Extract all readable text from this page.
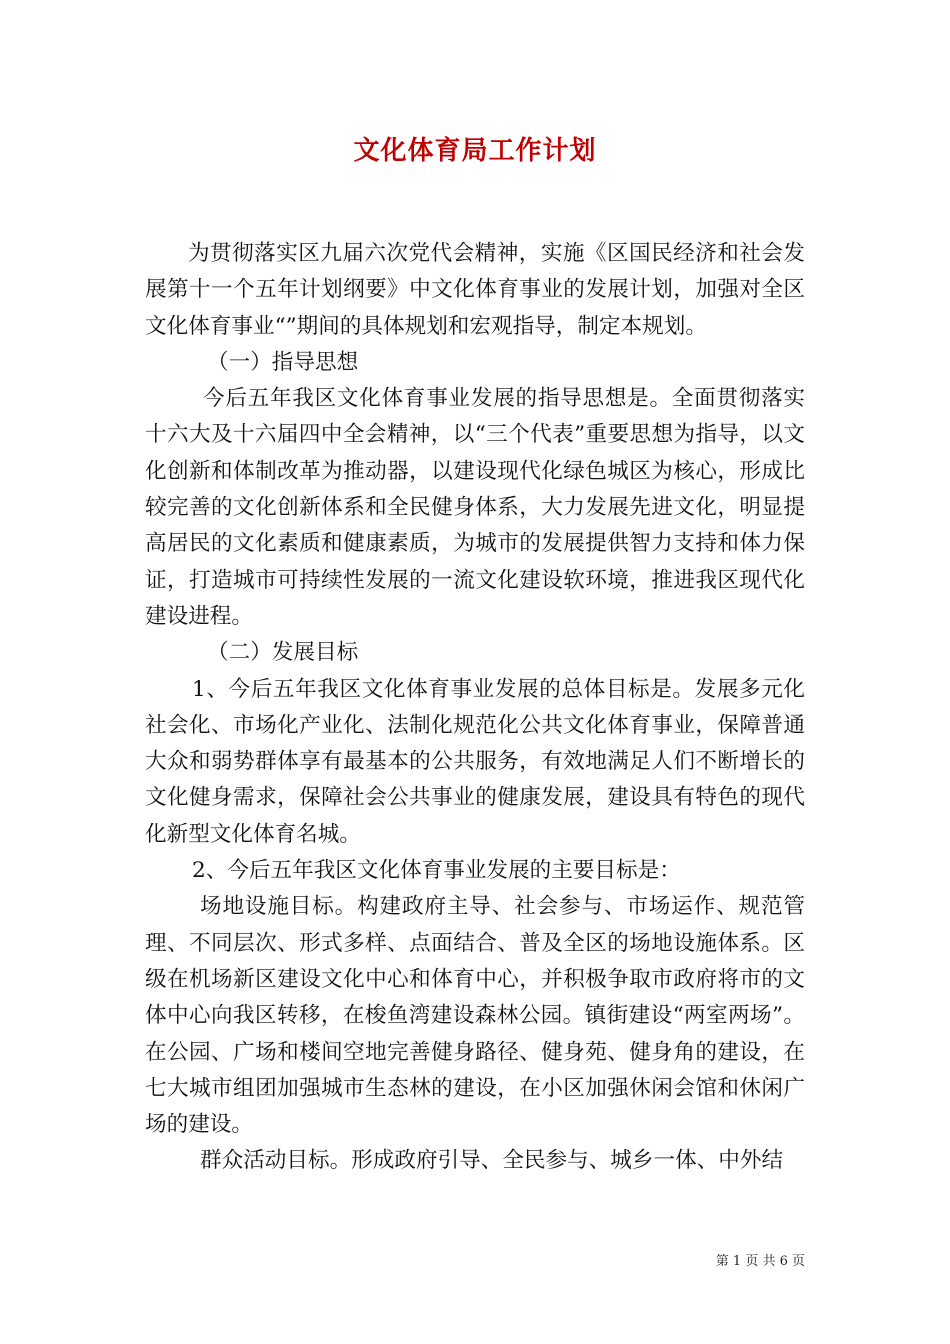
文化体育局工作计划

为贯彻落实区九届六次党代会精神，实施《区国民经济和社会发展第十一个五年计划纲要》中文化体育事业的发展计划，加强对全区文化体育事业“”期间的具体规划和宏观指导，制定本规划。

（一）指导思想

今后五年我区文化体育事业发展的指导思想是。全面贯彻落实十六大及十六届四中全会精神，以“三个代表”重要思想为指导，以文化创新和体制改革为推动器，以建设现代化绿色城区为核心，形成比较完善的文化创新体系和全民健身体系，大力发展先进文化，明显提高居民的文化素质和健康素质，为城市的发展提供智力支持和体力保证，打造城市可持续性发展的一流文化建设软环境，推进我区现代化建设进程。

（二）发展目标

1、今后五年我区文化体育事业发展的总体目标是。发展多元化社会化、市场化产业化、法制化规范化公共文化体育事业，保障普通大众和弱势群体享有最基本的公共服务，有效地满足人们不断增长的文化健身需求，保障社会公共事业的健康发展，建设具有特色的现代化新型文化体育名城。

2、今后五年我区文化体育事业发展的主要目标是：

场地设施目标。构建政府主导、社会参与、市场运作、规范管理、不同层次、形式多样、点面结合、普及全区的场地设施体系。区级在机场新区建设文化中心和体育中心，并积极争取市政府将市的文体中心向我区转移，在梭鱼湾建设森林公园。镇街建设“两室两场”。在公园、广场和楼间空地完善健身路径、健身苑、健身角的建设，在七大城市组团加强城市生态林的建设，在小区加强休闲会馆和休闲广场的建设。

群众活动目标。形成政府引导、全民参与、城乡一体、中外结

第 1 页 共 6 页
